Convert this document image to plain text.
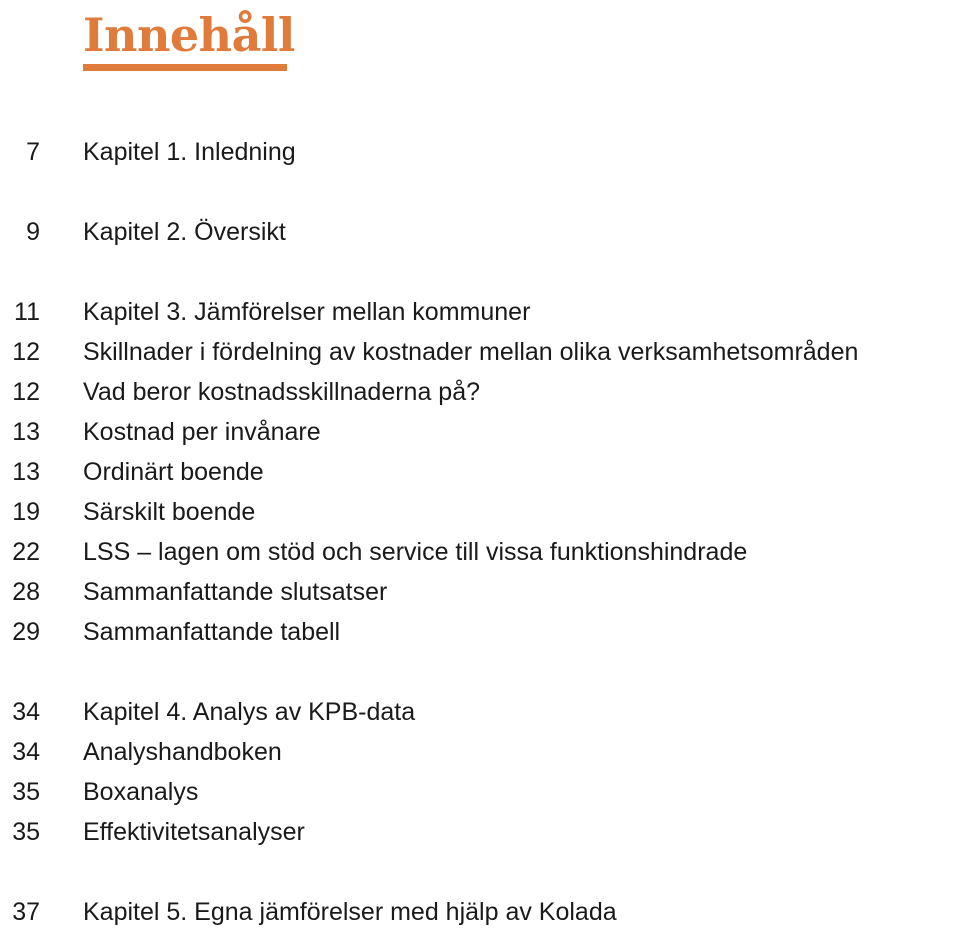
Innehåll
7 Kapitel 1. Inledning
9 Kapitel 2. Översikt
11 Kapitel 3. Jämförelser mellan kommuner
12 Skillnader i fördelning av kostnader mellan olika verksamhetsområden
12 Vad beror kostnadsskillnaderna på?
13 Kostnad per invånare
13 Ordinärt boende
19 Särskilt boende
22 LSS – lagen om stöd och service till vissa funktionshindrade
28 Sammanfattande slutsatser
29 Sammanfattande tabell
34 Kapitel 4. Analys av KPB-data
34 Analyshandboken
35 Boxanalys
35 Effektivitetsanalyser
37 Kapitel 5. Egna jämförelser med hjälp av Kolada
